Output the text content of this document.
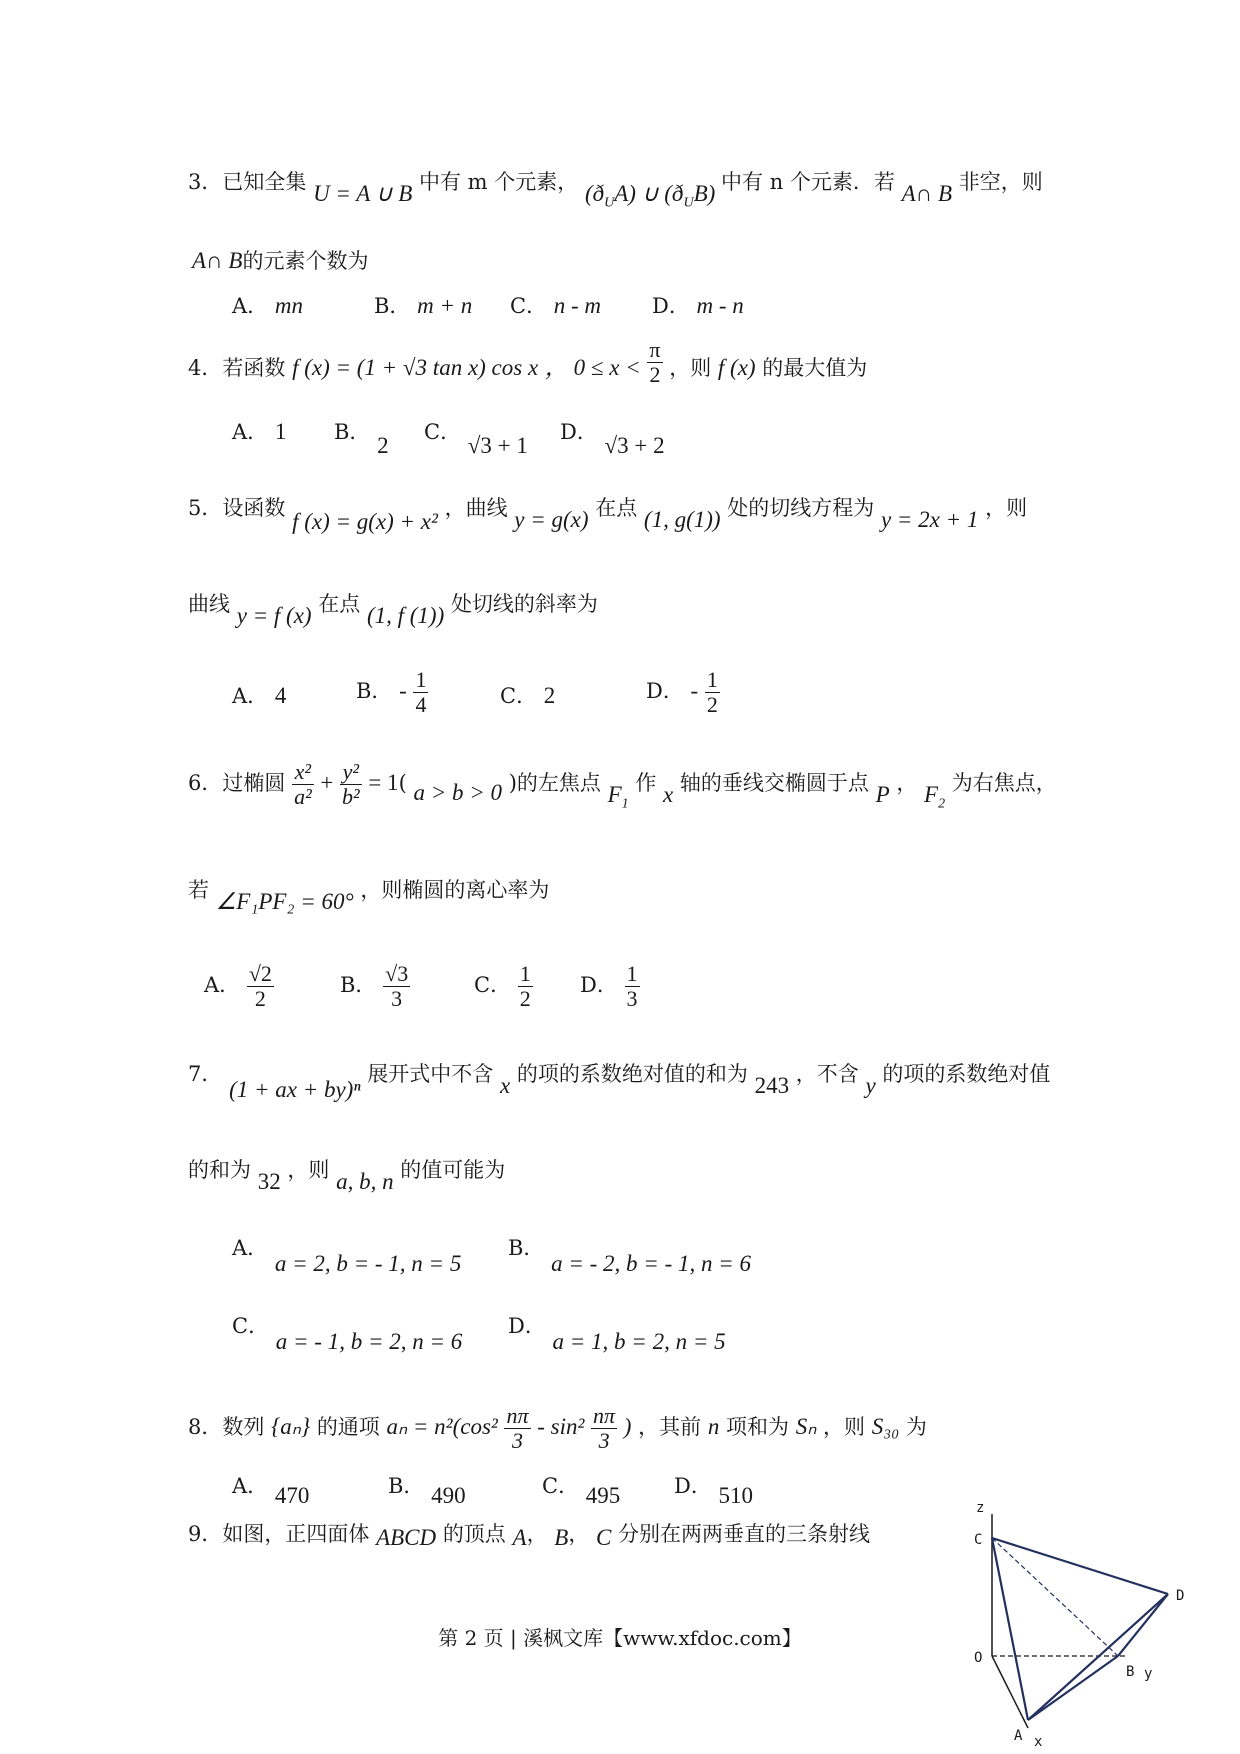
3．已知全集 U = A ∪ B 中有 m 个元素， $(ð_UA)$ ∪ $(ð_UB)$ 中有 n 个元素．若 A∩ B 非空，则
A∩ B的元素个数为
A． mn	B． m + n C． n - m D． m - n
4．若函数 f (x) = (1 + √3 tan x) cos x ， $0 \le x < \frac{\pi}{2}$ ，则 f (x) 的最大值为
A． 1 B． 2
C． √3 + 1
D． √3 + 2
5．设函数 f (x) = g(x) + x² ，曲线 y = g(x) 在点 (1, g(1)) 处的切线方程为 y = 2x + 1 ，则
曲线 y = f (x) 在点 (1, f (1)) 处切线的斜率为
A． 4	B． - $\frac{1}{4}$	C． 2	D． - $\frac{1}{2}$
6．过椭圆 $\frac{\text{x²}}{\text{a²}} + \frac{\text{y²}}{\text{b²}} = 1$( a > b > 0 )的左焦点 $F_1$ 作 x 轴的垂线交椭圆于点 P ， $F_2$ 为右焦点，
若 ∠F₁PF₂ = 60° ，则椭圆的离心率为
A． $\frac{√2}{2}$	B． $\frac{√3}{3}$	C． $\frac{1}{2}$ D． $\frac{1}{3}$
7． (1 + ax + by)ⁿ 展开式中不含 x 的项的系数绝对值的和为 243 ，不含 y 的项的系数绝对值
的和为 32 ，则 a, b, n 的值可能为
A． a = 2, b = - 1, n = 5
B． a = - 2, b = - 1, n = 6
C． a = - 1, b = 2, n = 6
D． a = 1, b = 2, n = 5
8．数列 {aₙ} 的通项 $a_n = n^2(\cos^2 \frac{n\pi}{3} - \sin^2 \frac{n\pi}{3}$ ) ，其前 n 项和为 Sₙ ，则 S₃₀ 为
A． 470	B． 490	C． 495	D． 510
9．如图，正四面体 ABCD 的顶点 A， B， C 分别在两两垂直的三条射线
z
C
D
O
B y
A x
第 2 页 | 溪枫文库【www.xfdoc.com】
